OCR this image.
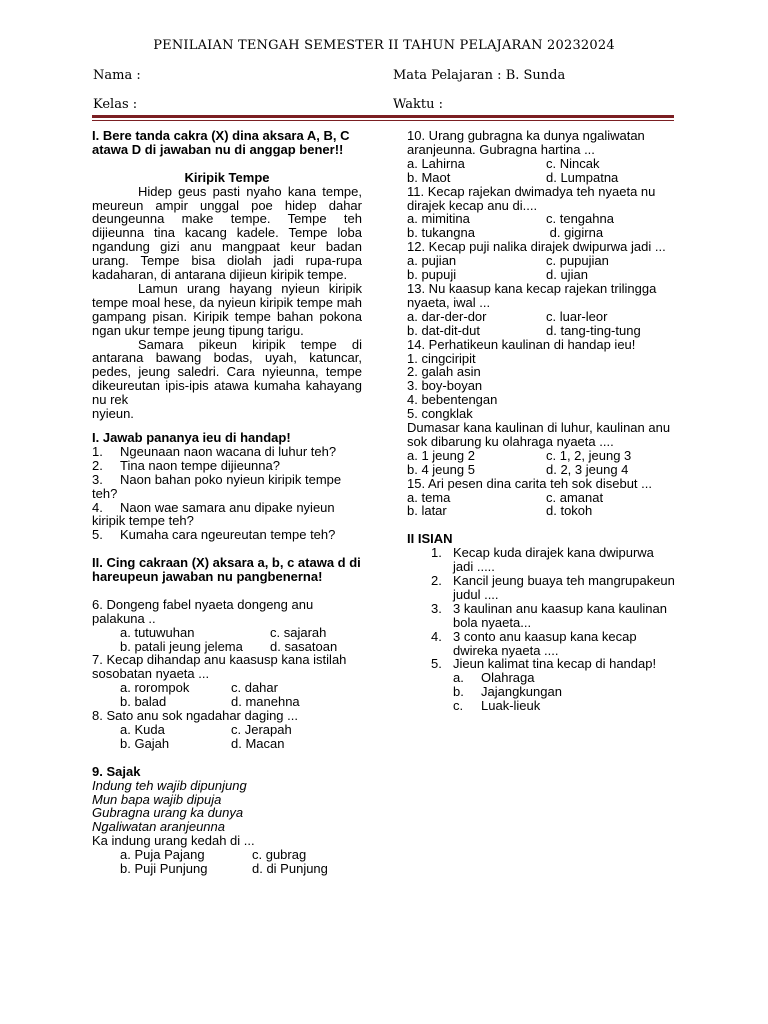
PENILAIAN TENGAH SEMESTER II TAHUN PELAJARAN 20232024
Nama :
Kelas :
Mata Pelajaran : B. Sunda
Waktu :
I. Bere tanda cakra (X) dina aksara A, B, C atawa D di jawaban nu di anggap bener!!
Kiripik Tempe
Hidep geus pasti nyaho kana tempe, meureun ampir unggal poe hidep dahar deungeunna make tempe. Tempe teh dijieunna tina kacang kadele. Tempe loba ngandung gizi anu mangpaat keur badan urang. Tempe bisa diolah jadi rupa-rupa kadaharan, di antarana dijieun kiripik tempe.
Lamun urang hayang nyieun kiripik tempe moal hese, da nyieun kiripik tempe mah gampang pisan. Kiripik tempe bahan pokona ngan ukur tempe jeung tipung tarigu.
Samara pikeun kiripik tempe di antarana bawang bodas, uyah, katuncar, pedes, jeung saledri. Cara nyieunna, tempe dikeureutan ipis-ipis atawa kumaha kahayang nu rek
nyieun.
I. Jawab pananya ieu di handap!
1.	Ngeunaan naon wacana di luhur teh?
2.	Tina naon tempe dijieunna?
3. Naon bahan poko nyieun kiripik tempe teh?
4. Naon wae samara anu dipake nyieun kiripik tempe teh?
5.	Kumaha cara ngeureutan tempe teh?
II. Cing cakraan (X) aksara a, b, c atawa d di hareupeun jawaban nu pangbenerna!
6. Dongeng fabel nyaeta dongeng anu palakuna ..
a. tutuwuhan	c. sajarah
b. patali jeung jelema d. sasatoan
7. Kecap dihandap anu kaasusp kana istilah sosobatan nyaeta ...
a. rorompok	c. dahar
b. balad	d. manehna
8. Sato anu sok ngadahar daging ...
a. Kuda	c. Jerapah
b. Gajah	d. Macan
9. Sajak
Indung teh wajib dipunjung
Mun bapa wajib dipuja
Gubragna urang ka dunya
Ngaliwatan aranjeunna
Ka indung urang kedah di ...
a. Puja Pajang	c. gubrag
b. Puji Punjung	d. di Punjung
10. Urang gubragna ka dunya ngaliwatan aranjeunna. Gubragna hartina ...
a. Lahirna	c. Nincak
b. Maot	d. Lumpatna
11. Kecap rajekan dwimadya teh nyaeta nu dirajek kecap anu di....
a. mimitina	c. tengahna
b. tukangna	d. gigirna
12. Kecap puji nalika dirajek dwipurwa jadi ...
a. pujian	c. pupujian
b. pupuji	d. ujian
13. Nu kaasup kana kecap rajekan trilingga nyaeta, iwal ...
a. dar-der-dor	c. luar-leor
b. dat-dit-dut	d. tang-ting-tung
14. Perhatikeun kaulinan di handap ieu!
1. cingciripit
2. galah asin
3. boy-boyan
4. bebentengan
5. congklak
Dumasar kana kaulinan di luhur, kaulinan anu sok dibarung ku olahraga nyaeta ....
a. 1 jeung 2	c. 1, 2, jeung 3
b. 4 jeung 5	d. 2, 3 jeung 4
15. Ari pesen dina carita teh sok disebut ...
a. tema	c. amanat
b. latar	d. tokoh
II ISIAN
1. Kecap kuda dirajek kana dwipurwa jadi .....
2. Kancil jeung buaya teh mangrupakeun judul ....
3. 3 kaulinan anu kaasup kana kaulinan bola nyaeta...
4. 3 conto anu kaasup kana kecap dwireka nyaeta ....
5. Jieun kalimat tina kecap di handap!
a.	Olahraga
b.	Jajangkungan
c.	Luak-lieuk
